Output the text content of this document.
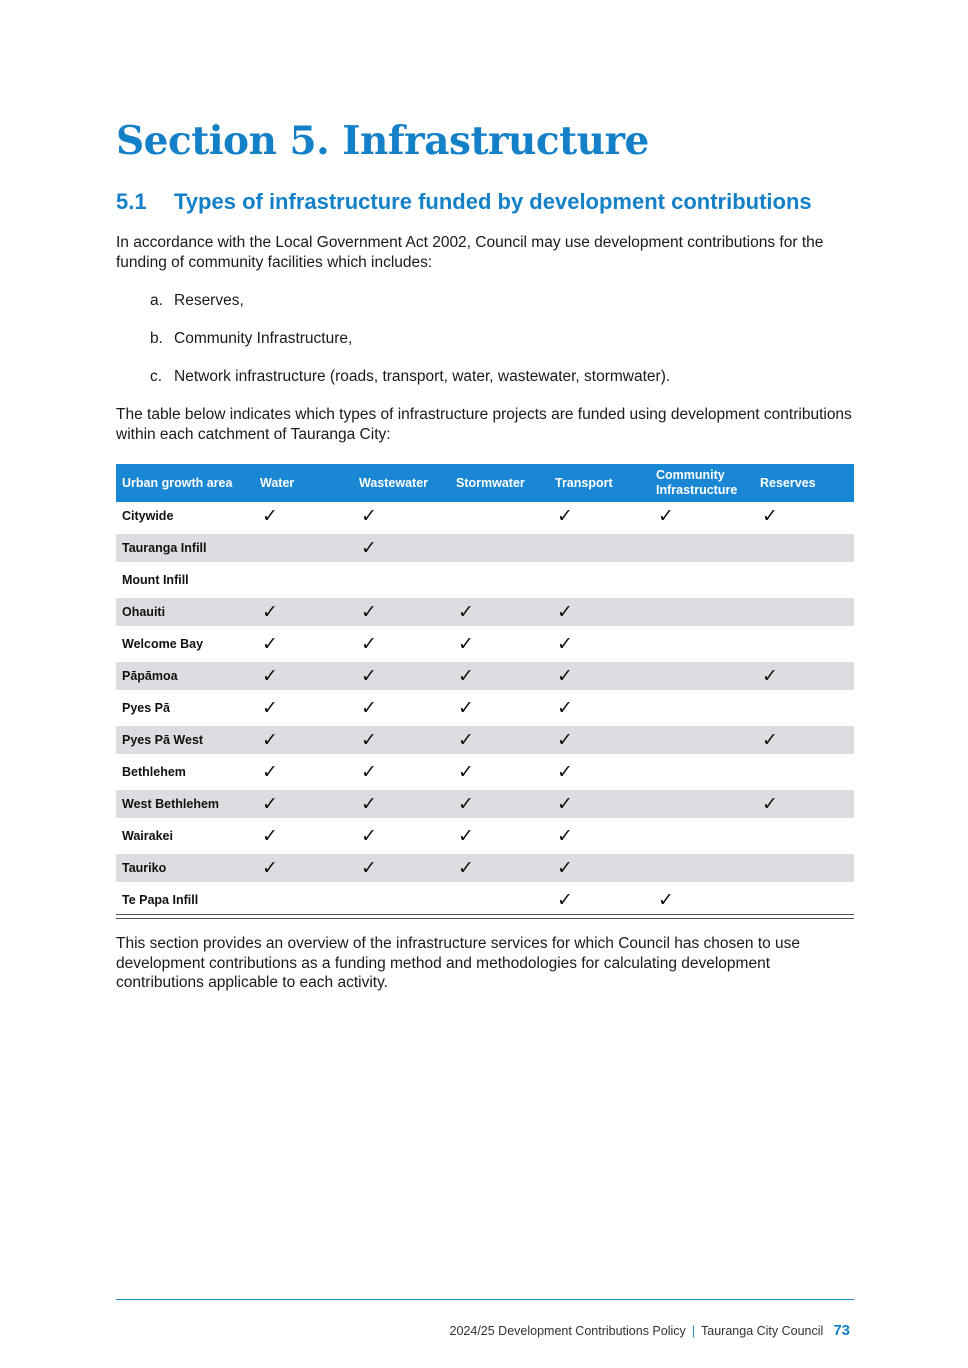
Section 5. Infrastructure
5.1 Types of infrastructure funded by development contributions

In accordance with the Local Government Act 2002, Council may use development contributions for the funding of community facilities which includes:

a. Reserves,

b. Community Infrastructure,

c. Network infrastructure (roads, transport, water, wastewater, stormwater).

The table below indicates which types of infrastructure projects are funded using development contributions within each catchment of Tauranga City:

Urban growth area	Water	Wastewater	Stormwater	Transport	Community Infrastructure	Reserves
Citywide	✓	✓		✓	✓	✓
Tauranga Infill		✓				
Mount Infill						
Ohauiti	✓	✓	✓	✓		
Welcome Bay	✓	✓	✓	✓		
Pāpāmoa	✓	✓	✓	✓		✓
Pyes Pā	✓	✓	✓	✓		
Pyes Pā West	✓	✓	✓	✓		✓
Bethlehem	✓	✓	✓	✓		
West Bethlehem	✓	✓	✓	✓		✓
Wairakei	✓	✓	✓	✓		
Tauriko	✓	✓	✓	✓		
Te Papa Infill				✓	✓	

This section provides an overview of the infrastructure services for which Council has chosen to use development contributions as a funding method and methodologies for calculating development contributions applicable to each activity.

2024/25 Development Contributions Policy | Tauranga City Council 73
